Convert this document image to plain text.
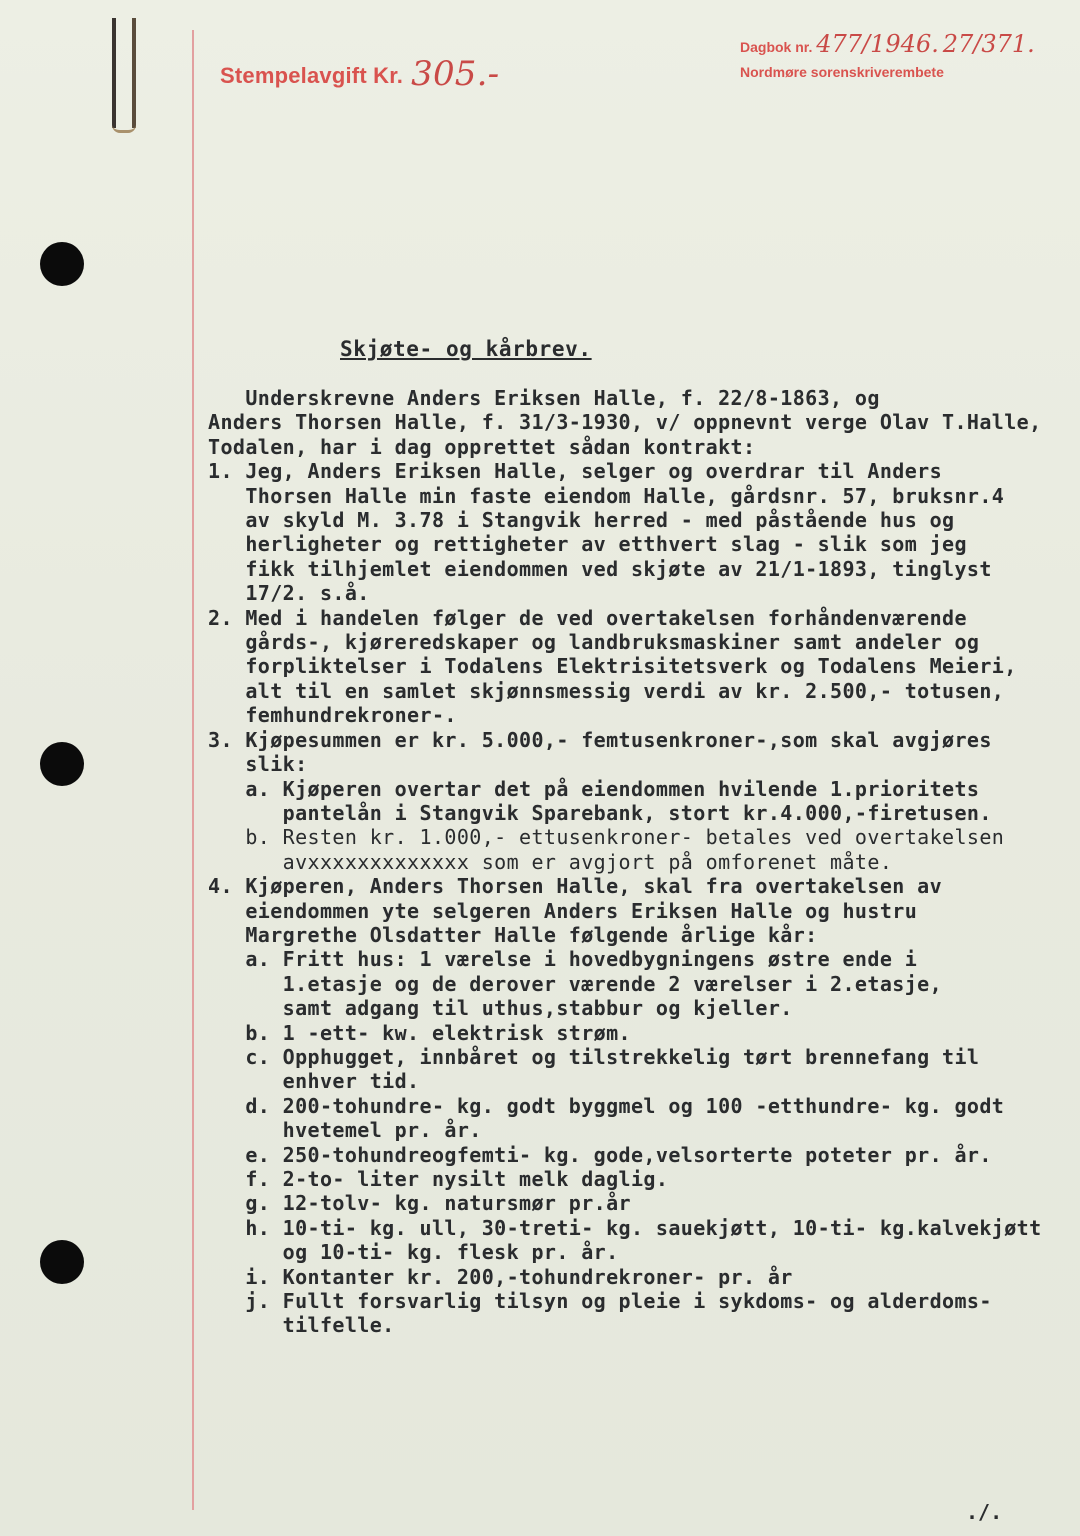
Stempelavgift Kr. 305.-
Dagbok nr. 477/1946. 27/371.
Nordmøre sorenskriverembete
Skjøte- og kårbrev.

Underskrevne Anders Eriksen Halle, f. 22/8-1863, og

Anders Thorsen Halle, f. 31/3-1930, v/ oppnevnt verge Olav T.Halle,

Todalen, har i dag opprettet sådan kontrakt:

1. Jeg, Anders Eriksen Halle, selger og overdrar til Anders

Thorsen Halle min faste eiendom Halle, gårdsnr. 57, bruksnr.4

av skyld M. 3.78 i Stangvik herred - med påstående hus og

herligheter og rettigheter av etthvert slag - slik som jeg

fikk tilhjemlet eiendommen ved skjøte av 21/1-1893, tinglyst

17/2. s.å.

2. Med i handelen følger de ved overtakelsen forhåndenværende

gårds-, kjøreredskaper og landbruksmaskiner samt andeler og

forpliktelser i Todalens Elektrisitetsverk og Todalens Meieri,

alt til en samlet skjønnsmessig verdi av kr. 2.500,- totusen,

femhundrekroner-.

3. Kjøpesummen er kr. 5.000,- femtusenkroner-,som skal avgjøres

slik:

a. Kjøperen overtar det på eiendommen hvilende 1.prioritets

pantelån i Stangvik Sparebank, stort kr.4.000,-firetusen.

b. Resten kr. 1.000,- ettusenkroner- betales ved overtakelsen

avxxxxxxxxxxxxx som er avgjort på omforenet måte.

4. Kjøperen, Anders Thorsen Halle, skal fra overtakelsen av

eiendommen yte selgeren Anders Eriksen Halle og hustru

Margrethe Olsdatter Halle følgende årlige kår:

a. Fritt hus: 1 værelse i hovedbygningens østre ende i

1.etasje og de derover værende 2 værelser i 2.etasje,

samt adgang til uthus,stabbur og kjeller.

b. 1 -ett- kw. elektrisk strøm.

c. Opphugget, innbåret og tilstrekkelig tørt brennefang til

enhver tid.

d. 200-tohundre- kg. godt byggmel og 100 -etthundre- kg. godt

hvetemel pr. år.

e. 250-tohundreogfemti- kg. gode,velsorterte poteter pr. år.

f. 2-to- liter nysilt melk daglig.

g. 12-tolv- kg. natursmør pr.år

h. 10-ti- kg. ull, 30-treti- kg. sauekjøtt, 10-ti- kg.kalvekjøtt

og 10-ti- kg. flesk pr. år.

i. Kontanter kr. 200,-tohundrekroner- pr. år

j. Fullt forsvarlig tilsyn og pleie i sykdoms- og alderdoms-

tilfelle.

./.
